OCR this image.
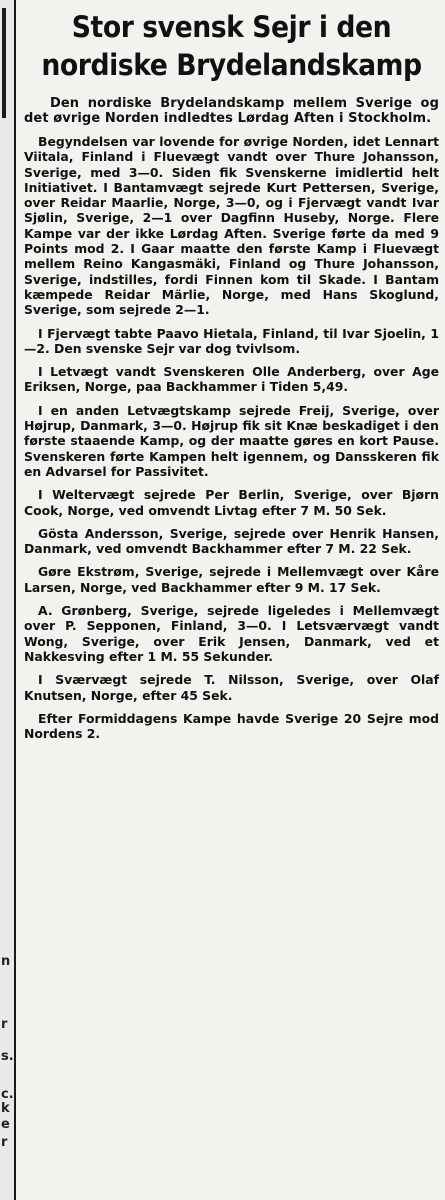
n
r
s.
c.
k
e
r
Stor svensk Sejr i den
nordiske Brydelandskamp

Den nordiske Brydelandskamp mellem Sverige og det øvrige Norden indledtes Lørdag Aften i Stockholm.

Begyndelsen var lovende for øvrige Norden, idet Lennart Viitala, Finland i Fluevægt vandt over Thure Johansson, Sverige, med 3—0. Siden fik Svenskerne imidlertid helt Initiativet. I Bantamvægt sejrede Kurt Pettersen, Sverige, over Reidar Maarlie, Norge, 3—0, og i Fjervægt vandt Ivar Sjølin, Sverige, 2—1 over Dagfinn Huseby, Norge. Flere Kampe var der ikke Lørdag Aften. Sverige førte da med 9 Points mod 2. I Gaar maatte den første Kamp i Fluevægt mellem Reino Kangasmäki, Finland og Thure Johansson, Sverige, indstilles, fordi Finnen kom til Skade. I Bantam kæmpede Reidar Märlie, Norge, med Hans Skoglund, Sverige, som sejrede 2—1.

I Fjervægt tabte Paavo Hietala, Finland, til Ivar Sjoelin, 1—2. Den svenske Sejr var dog tvivlsom.

I Letvægt vandt Svenskeren Olle Anderberg, over Age Eriksen, Norge, paa Backhammer i Tiden 5,49.

I en anden Letvægtskamp sejrede Freij, Sverige, over Højrup, Danmark, 3—0. Højrup fik sit Knæ beskadiget i den første staaende Kamp, og der maatte gøres en kort Pause. Svenskeren førte Kampen helt igennem, og Dansskeren fik en Advarsel for Passivitet.

I Weltervægt sejrede Per Berlin, Sverige, over Bjørn Cook, Norge, ved omvendt Livtag efter 7 M. 50 Sek.

Gösta Andersson, Sverige, sejrede over Henrik Hansen, Danmark, ved omvendt Backhammer efter 7 M. 22 Sek.

Gøre Ekstrøm, Sverige, sejrede i Mellemvægt over Kåre Larsen, Norge, ved Backhammer efter 9 M. 17 Sek.

A. Grønberg, Sverige, sejrede ligeledes i Mellemvægt over P. Sepponen, Finland, 3—0. I Letsværvægt vandt Wong, Sverige, over Erik Jensen, Danmark, ved et Nakkesving efter 1 M. 55 Sekunder.

I Sværvægt sejrede T. Nilsson, Sverige, over Olaf Knutsen, Norge, efter 45 Sek.

Efter Formiddagens Kampe havde Sverige 20 Sejre mod Nordens 2.
